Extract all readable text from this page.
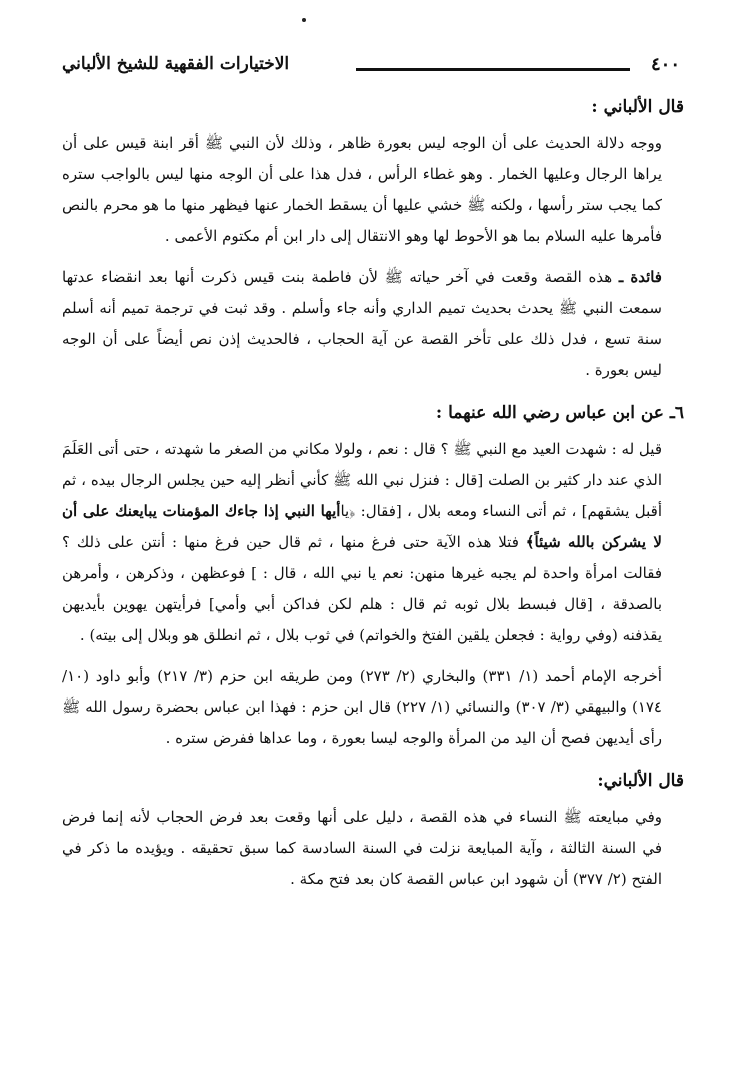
٤٠٠
الاختيارات الفقهية للشيخ الألباني
قال الألباني :

ووجه دلالة الحديث على أن الوجه ليس بعورة ظاهر ، وذلك لأن النبي ﷺ أقر ابنة قيس على أن يراها الرجال وعليها الخمار . وهو غطاء الرأس ، فدل هذا على أن الوجه منها ليس بالواجب ستره كما يجب ستر رأسها ، ولكنه ﷺ خشي عليها أن يسقط الخمار عنها فيظهر منها ما هو محرم بالنص فأمرها عليه السلام بما هو الأحوط لها وهو الانتقال إلى دار ابن أم مكتوم الأعمى .

فائدة ـ هذه القصة وقعت في آخر حياته ﷺ لأن فاطمة بنت قيس ذكرت أنها بعد انقضاء عدتها سمعت النبي ﷺ يحدث بحديث تميم الداري وأنه جاء وأسلم . وقد ثبت في ترجمة تميم أنه أسلم سنة تسع ، فدل ذلك على تأخر القصة عن آية الحجاب ، فالحديث إذن نص أيضاً على أن الوجه ليس بعورة .

٦ـ عن ابن عباس رضي الله عنهما :

قيل له : شهدت العيد مع النبي ﷺ ؟ قال : نعم ، ولولا مكاني من الصغر ما شهدته ، حتى أتى العَلَمَ الذي عند دار كثير بن الصلت [قال : فنزل نبي الله ﷺ كأني أنظر إليه حين يجلس الرجال بيده ، ثم أقبل يشقهم] ، ثم أتى النساء ومعه بلال ، [فقال: ﴿ياأيها النبي إذا جاءك المؤمنات يبايعنك على أن لا يشركن بالله شيئاً﴾ فتلا هذه الآية حتى فرغ منها ، ثم قال حين فرغ منها : أنتن على ذلك ؟ فقالت امرأة واحدة لم يجبه غيرها منهن: نعم يا نبي الله ، قال : ] فوعظهن ، وذكرهن ، وأمرهن بالصدقة ، [قال فبسط بلال ثوبه ثم قال : هلم لكن فداكن أبي وأمي] فرأيتهن يهوين بأيديهن يقذفنه (وفي رواية : فجعلن يلقين الفتخ والخواتم) في ثوب بلال ، ثم انطلق هو وبلال إلى بيته) .

أخرجه الإمام أحمد (١/ ٣٣١) والبخاري (٢/ ٢٧٣) ومن طريقه ابن حزم (٣/ ٢١٧) وأبو داود (١٠/ ١٧٤) والبيهقي (٣/ ٣٠٧) والنسائي (١/ ٢٢٧) قال ابن حزم : فهذا ابن عباس بحضرة رسول الله ﷺ رأى أيديهن فصح أن اليد من المرأة والوجه ليسا بعورة ، وما عداها ففرض ستره .

قال الألباني:

وفي مبايعته ﷺ النساء في هذه القصة ، دليل على أنها وقعت بعد فرض الحجاب لأنه إنما فرض في السنة الثالثة ، وآية المبايعة نزلت في السنة السادسة كما سبق تحقيقه . ويؤيده ما ذكر في الفتح (٢/ ٣٧٧) أن شهود ابن عباس القصة كان بعد فتح مكة .
